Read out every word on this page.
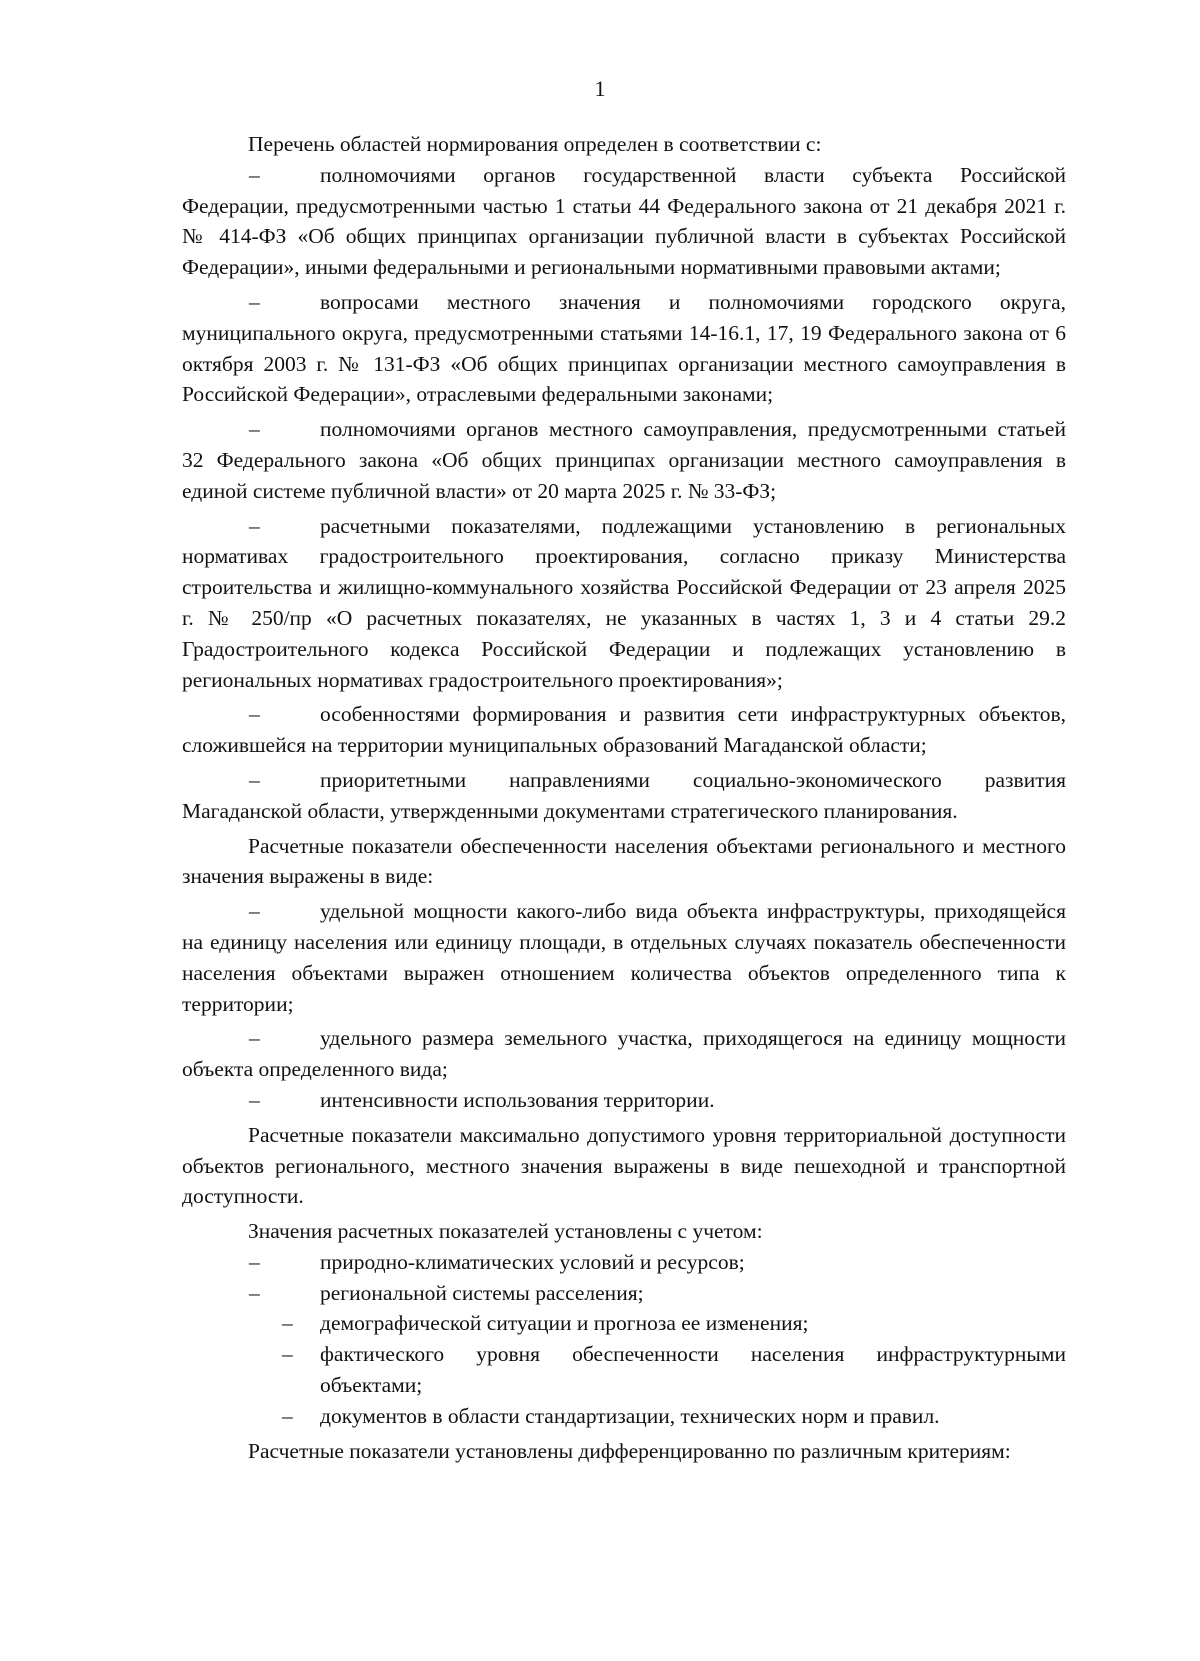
1

Перечень областей нормирования определен в соответствии с:

–	полномочиями органов государственной власти субъекта Российской Федерации, предусмотренными частью 1 статьи 44 Федерального закона от 21 декабря 2021 г. № 414-ФЗ «Об общих принципах организации публичной власти в субъектах Российской Федерации», иными федеральными и региональными нормативными правовыми актами;

–	вопросами местного значения и полномочиями городского округа, муниципального округа, предусмотренными статьями 14-16.1, 17, 19 Федерального закона от 6 октября 2003 г. № 131-ФЗ «Об общих принципах организации местного самоуправления в Российской Федерации», отраслевыми федеральными законами;

–	полномочиями органов местного самоуправления, предусмотренными статьей 32 Федерального закона «Об общих принципах организации местного самоуправления в единой системе публичной власти» от 20 марта 2025 г. № 33-ФЗ;

–	расчетными показателями, подлежащими установлению в региональных нормативах градостроительного проектирования, согласно приказу Министерства строительства и жилищно-коммунального хозяйства Российской Федерации от 23 апреля 2025 г. № 250/пр «О расчетных показателях, не указанных в частях 1, 3 и 4 статьи 29.2 Градостроительного кодекса Российской Федерации и подлежащих установлению в региональных нормативах градостроительного проектирования»;

–	особенностями формирования и развития сети инфраструктурных объектов, сложившейся на территории муниципальных образований Магаданской области;

–	приоритетными направлениями социально-экономического развития Магаданской области, утвержденными документами стратегического планирования.

Расчетные показатели обеспеченности населения объектами регионального и местного значения выражены в виде:

–	удельной мощности какого-либо вида объекта инфраструктуры, приходящейся на единицу населения или единицу площади, в отдельных случаях показатель обеспеченности населения объектами выражен отношением количества объектов определенного типа к территории;

–	удельного размера земельного участка, приходящегося на единицу мощности объекта определенного вида;

–	интенсивности использования территории.

Расчетные показатели максимально допустимого уровня территориальной доступности объектов регионального, местного значения выражены в виде пешеходной и транспортной доступности.

Значения расчетных показателей установлены с учетом:

–	природно-климатических условий и ресурсов;

–	региональной системы расселения;

– демографической ситуации и прогноза ее изменения;

– фактического уровня обеспеченности населения инфраструктурными объектами;

– документов в области стандартизации, технических норм и правил.

Расчетные показатели установлены дифференцированно по различным критериям:
